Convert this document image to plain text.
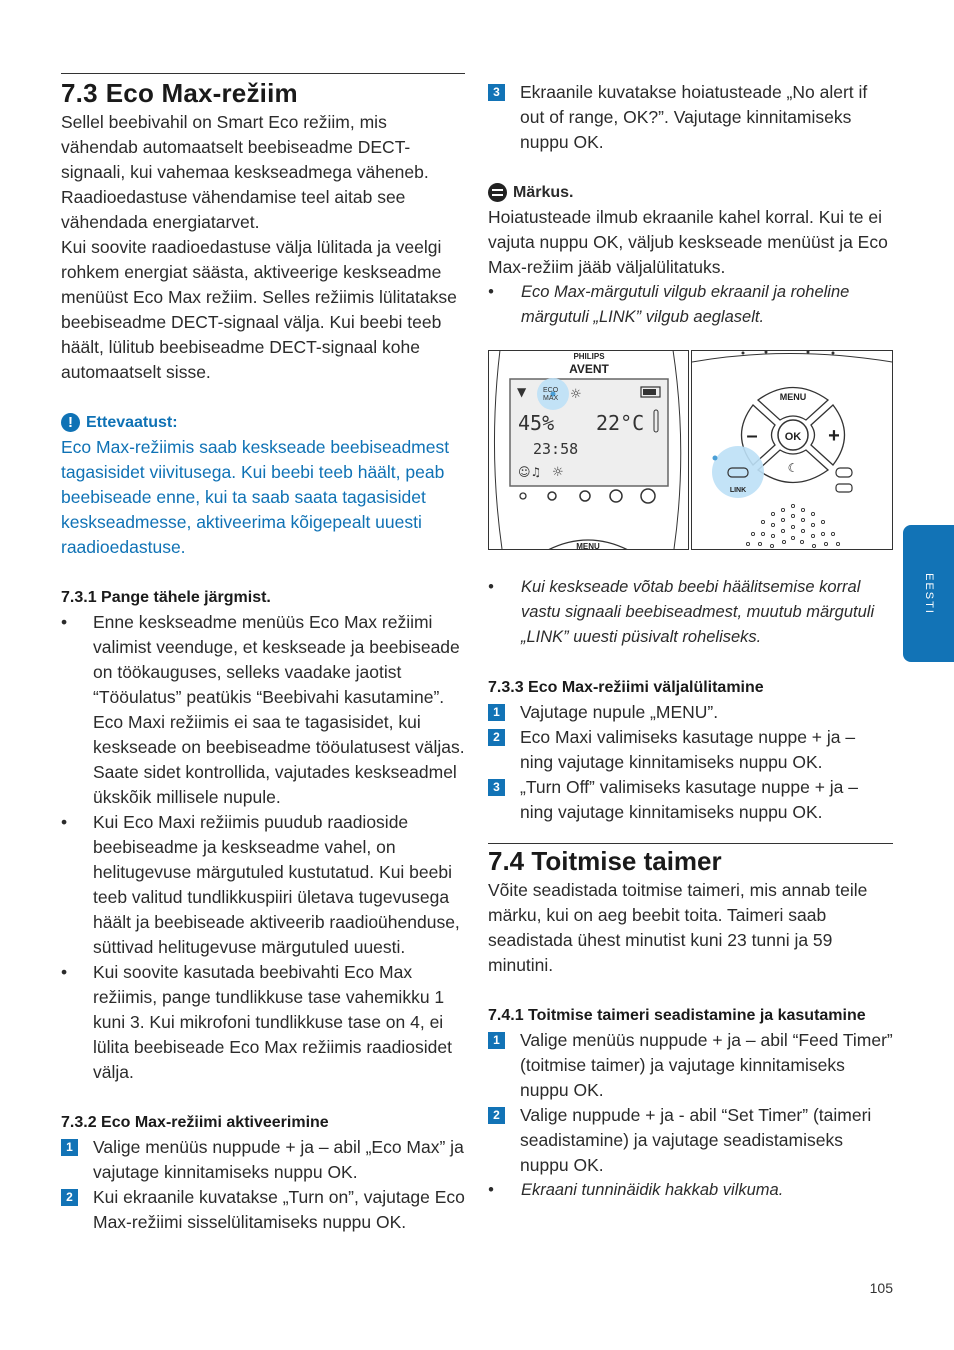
7.3 Eco Max-režiim

Sellel beebivahil on Smart Eco režiim, mis vähendab automaatselt beebiseadme DECT-signaali, kui vahemaa keskseadmega väheneb. Raadioedastuse vähendamise teel aitab see vähendada energiatarvet.

Kui soovite raadioedastuse välja lülitada ja veelgi rohkem energiat säästa, aktiveerige keskseadme menüüst Eco Max režiim. Selles režiimis lülitatakse beebiseadme DECT-signaal välja. Kui beebi teeb häält, lülitub beebiseadme DECT-signaal kohe automaatselt sisse.

! Ettevaatust:

Eco Max-režiimis saab keskseade beebiseadmest tagasisidet viivitusega. Kui beebi teeb häält, peab beebiseade enne, kui ta saab saata tagasisidet keskseadmesse, aktiveerima kõigepealt uuesti raadioedastuse.

7.3.1 Pange tähele järgmist.
• Enne keskseadme menüüs Eco Max režiimi valimist veenduge, et keskseade ja beebiseade on töökauguses, selleks vaadake jaotist “Tööulatus” peatükis “Beebivahi kasutamine”. Eco Maxi režiimis ei saa te tagasisidet, kui keskseade on beebiseadme tööulatusest väljas. Saate sidet kontrollida, vajutades keskseadmel ükskõik millisele nupule.
• Kui Eco Maxi režiimis puudub raadioside beebiseadme ja keskseadme vahel, on helitugevuse märgutuled kustutatud. Kui beebi teeb valitud tundlikkuspiiri ületava tugevusega häält ja beebiseade aktiveerib raadioühenduse, süttivad helitugevuse märgutuled uuesti.
• Kui soovite kasutada beebivahti Eco Max režiimis, pange tundlikkuse tase vahemikku 1 kuni 3. Kui mikrofoni tundlikkuse tase on 4, ei lülita beebiseade Eco Max režiimis raadiosidet välja.
7.3.2 Eco Max-režiimi aktiveerimine
1 Valige menüüs nuppude + ja – abil „Eco Max” ja vajutage kinnitamiseks nuppu OK.
2 Kui ekraanile kuvatakse „Turn on”, vajutage Eco Max-režiimi sisselülitamiseks nuppu OK.
3 Ekraanile kuvatakse hoiatusteade „No alert if out of range, OK?”. Vajutage kinnitamiseks nuppu OK.
Märkus.

Hoiatusteade ilmub ekraanile kahel korral. Kui te ei vajuta nuppu OK, väljub keskseade menüüst ja Eco Max-režiim jääb väljalülitatuks.

• Eco Max-märgutuli vilgub ekraanil ja roheline märgutuli „LINK” vilgub aeglaselt.
PHILIPS
AVENT
▼ ECO
MAX ☼
45% 22°C
23:58
☺♫ ☼
MENU
OK
MENU
–	+
☾
LINK
• Kui keskseade võtab beebi häälitsemise korral vastu signaali beebiseadmest, muutub märgutuli „LINK” uuesti püsivalt roheliseks.
7.3.3 Eco Max-režiimi väljalülitamine
1 Vajutage nupule „MENU”.
2 Eco Maxi valimiseks kasutage nuppe + ja – ning vajutage kinnitamiseks nuppu OK.
3 „Turn Off” valimiseks kasutage nuppe + ja – ning vajutage kinnitamiseks nuppu OK.
7.4 Toitmise taimer

Võite seadistada toitmise taimeri, mis annab teile märku, kui on aeg beebit toita. Taimeri saab seadistada ühest minutist kuni 23 tunni ja 59 minutini.

7.4.1 Toitmise taimeri seadistamine ja kasutamine
1 Valige menüüs nuppude + ja – abil “Feed Timer” (toitmise taimer) ja vajutage kinnitamiseks nuppu OK.
2 Valige nuppude + ja - abil “Set Timer” (taimeri seadistamine) ja vajutage seadistamiseks nuppu OK.
• Ekraani tunninäidik hakkab vilkuma.
EESTI
105
